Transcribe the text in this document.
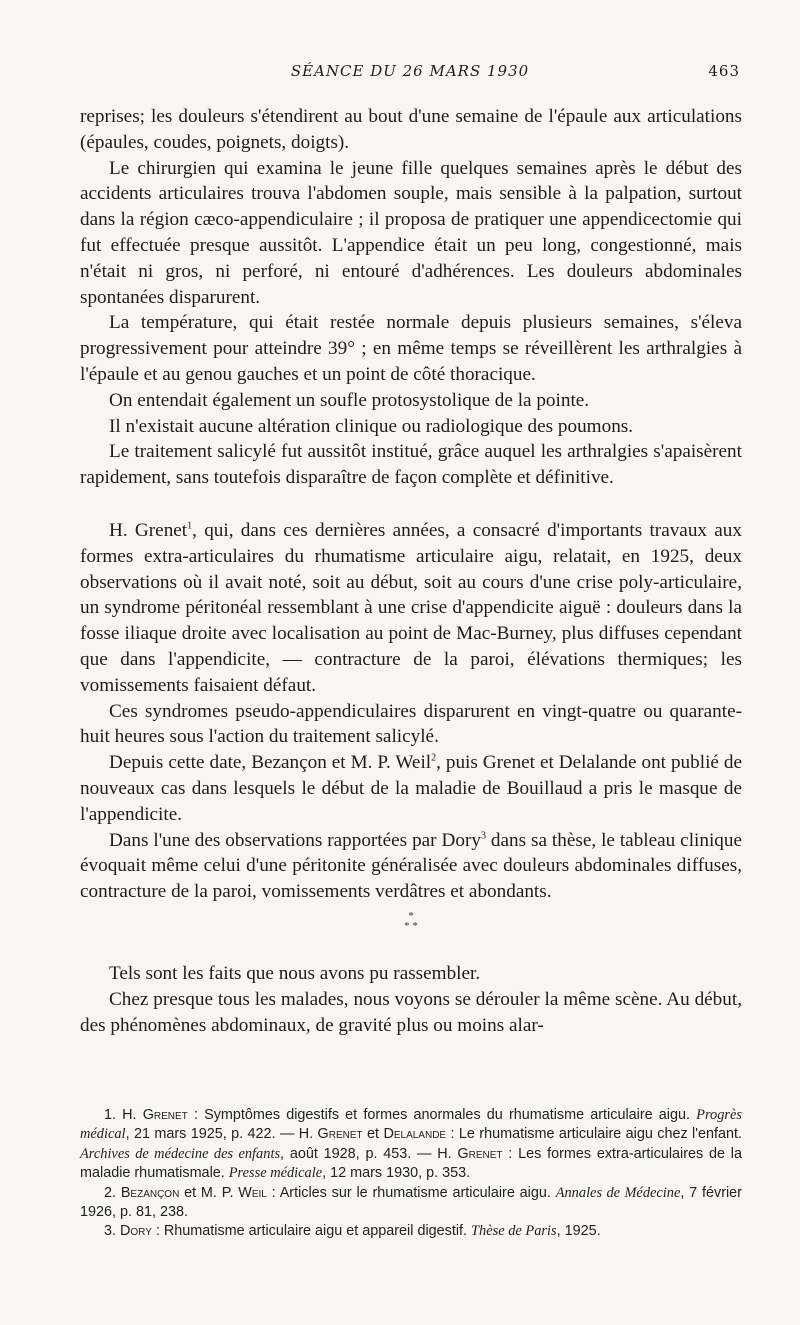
SÉANCE DU 26 MARS 1930	463

reprises; les douleurs s'étendirent au bout d'une semaine de l'épaule aux articulations (épaules, coudes, poignets, doigts).

Le chirurgien qui examina le jeune fille quelques semaines après le début des accidents articulaires trouva l'abdomen souple, mais sensible à la palpation, surtout dans la région cæco-appendiculaire ; il proposa de pratiquer une appendicectomie qui fut effectuée presque aussitôt. L'appendice était un peu long, congestionné, mais n'était ni gros, ni perforé, ni entouré d'adhérences. Les douleurs abdominales spontanées disparurent.

La température, qui était restée normale depuis plusieurs semaines, s'éleva progressivement pour atteindre 39° ; en même temps se réveillèrent les arthralgies à l'épaule et au genou gauches et un point de côté thoracique.

On entendait également un soufle protosystolique de la pointe.

Il n'existait aucune altération clinique ou radiologique des poumons.

Le traitement salicylé fut aussitôt institué, grâce auquel les arthralgies s'apaisèrent rapidement, sans toutefois disparaître de façon complète et définitive.

H. Grenet$^1$, qui, dans ces dernières années, a consacré d'importants travaux aux formes extra-articulaires du rhumatisme articulaire aigu, relatait, en 1925, deux observations où il avait noté, soit au début, soit au cours d'une crise poly-articulaire, un syndrome péritonéal ressemblant à une crise d'appendicite aiguë : douleurs dans la fosse iliaque droite avec localisation au point de Mac-Burney, plus diffuses cependant que dans l'appendicite, — contracture de la paroi, élévations thermiques; les vomissements faisaient défaut.

Ces syndromes pseudo-appendiculaires disparurent en vingt-quatre ou quarante-huit heures sous l'action du traitement salicylé.

Depuis cette date, Bezançon et M. P. Weil$^2$, puis Grenet et Delalande ont publié de nouveaux cas dans lesquels le début de la maladie de Bouillaud a pris le masque de l'appendicite.

Dans l'une des observations rapportées par Dory$^3$ dans sa thèse, le tableau clinique évoquait même celui d'une péritonite généralisée avec douleurs abdominales diffuses, contracture de la paroi, vomissements verdâtres et abondants.

*
* *

Tels sont les faits que nous avons pu rassembler.

Chez presque tous les malades, nous voyons se dérouler la même scène. Au début, des phénomènes abdominaux, de gravité plus ou moins alar-

1. H. Grenet : Symptômes digestifs et formes anormales du rhumatisme articulaire aigu. Progrès médical, 21 mars 1925, p. 422. — H. Grenet et Delalande : Le rhumatisme articulaire aigu chez l'enfant. Archives de médecine des enfants, août 1928, p. 453. — H. Grenet : Les formes extra-articulaires de la maladie rhumatismale. Presse médicale, 12 mars 1930, p. 353.

2. Bezançon et M. P. Weil : Articles sur le rhumatisme articulaire aigu. Annales de Médecine, 7 février 1926, p. 81, 238.

3. Dory : Rhumatisme articulaire aigu et appareil digestif. Thèse de Paris, 1925.
